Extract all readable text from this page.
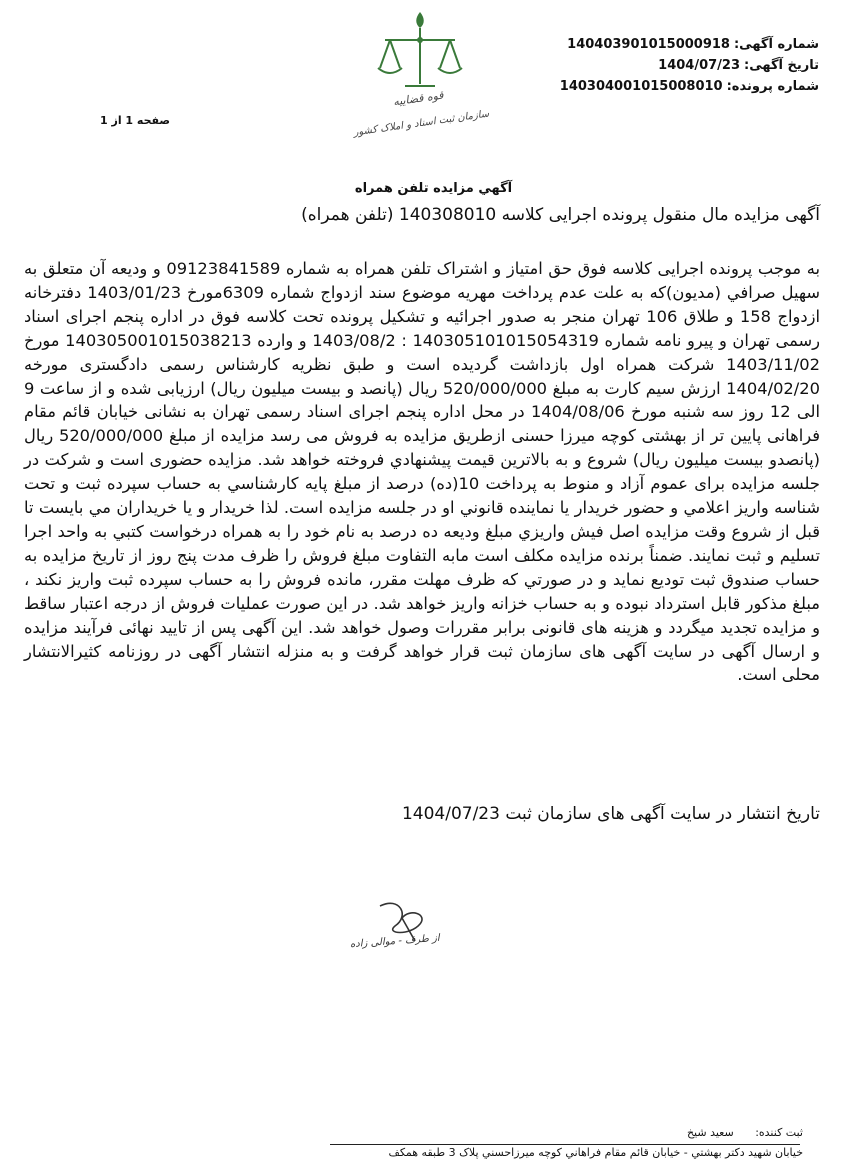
شماره آگهی:14040390101500091‎8
تاریخ آگهی:1404/07/23
شماره پرونده:140304001015008010
قوه قضاییه
سازمان ثبت اسناد و املاک کشور
صفحه 1 از 1
آگهي مزايده تلفن همراه
آگهی مزایده مال منقول پرونده اجرایی کلاسه 140308010 (تلفن همراه)
به موجب پرونده اجرایی کلاسه فوق حق امتیاز و اشتراک تلفن همراه به شماره 09123841589 و ودیعه آن متعلق به سهیل صرافي (مدیون)که به علت عدم پرداخت مهریه موضوع سند ازدواج شماره 6309مورخ 1403/01/23 دفترخانه ازدواج 158 و طلاق 106 تهران منجر به صدور اجرائیه و تشکیل پرونده تحت کلاسه فوق در اداره پنجم اجرای اسناد رسمی تهران و پیرو نامه شماره 140305101015054319 : 1403/08/2 و وارده 140305001015038213 مورخ 1403/11/02 شرکت همراه اول بازداشت گردیده است و طبق نظریه کارشناس رسمی دادگستری مورخه 1404/02/20 ارزش سیم کارت به مبلغ 520/000/000 ریال (پانصد و بیست میلیون ریال) ارزیابی شده و از ساعت 9 الی 12 روز سه شنبه مورخ 1404/08/06 در محل اداره پنجم اجرای اسناد رسمی تهران به نشانی خیابان قائم مقام فراهانی پایین تر از بهشتی کوچه میرزا حسنی ازطریق مزایده به فروش می رسد مزایده از مبلغ 520/000/000 ریال (پانصدو بیست میلیون ریال) شروع و به بالاترین قیمت پیشنهادي فروخته خواهد شد. مزایده حضوری است و شرکت در جلسه مزایده برای عموم آزاد و منوط به پرداخت 10(ده) درصد از مبلغ پایه کارشناسي به حساب سپرده ثبت و تحت شناسه واریز اعلامي و حضور خریدار یا نماینده قانوني او در جلسه مزایده است. لذا خریدار و یا خریداران مي بایست تا قبل از شروع وقت مزایده اصل فیش واریزي مبلغ ودیعه ده درصد به نام خود را به همراه درخواست کتبي به واحد اجرا تسلیم و ثبت نمایند. ضمناً برنده مزایده مکلف است مابه التفاوت مبلغ فروش را ظرف مدت پنج روز از تاریخ مزایده به حساب صندوق ثبت تودیع نماید و در صورتي که ظرف مهلت مقرر، مانده فروش را به حساب سپرده ثبت واریز نکند ، مبلغ مذکور قابل استرداد نبوده و به حساب خزانه واریز خواهد شد. در این صورت عملیات فروش از درجه اعتبار ساقط و مزایده تجدید میگردد و هزینه های قانونی برابر مقررات وصول خواهد شد. این آگهی پس از تایید نهائی فرآیند مزایده و ارسال آگهی در سایت آگهی های سازمان ثبت قرار خواهد گرفت و به منزله انتشار آگهی در روزنامه کثیرالانتشار محلی است.
تاریخ انتشار در سایت آگهی های سازمان ثبت 1404/07/23
از طرف - موالی زاده
ثبت کننده: سعید شیخ
خیابان شهید دکتر بهشتي - خیابان قائم مقام فراهاني کوچه میرزاحسني پلاک 3 طبقه همکف
